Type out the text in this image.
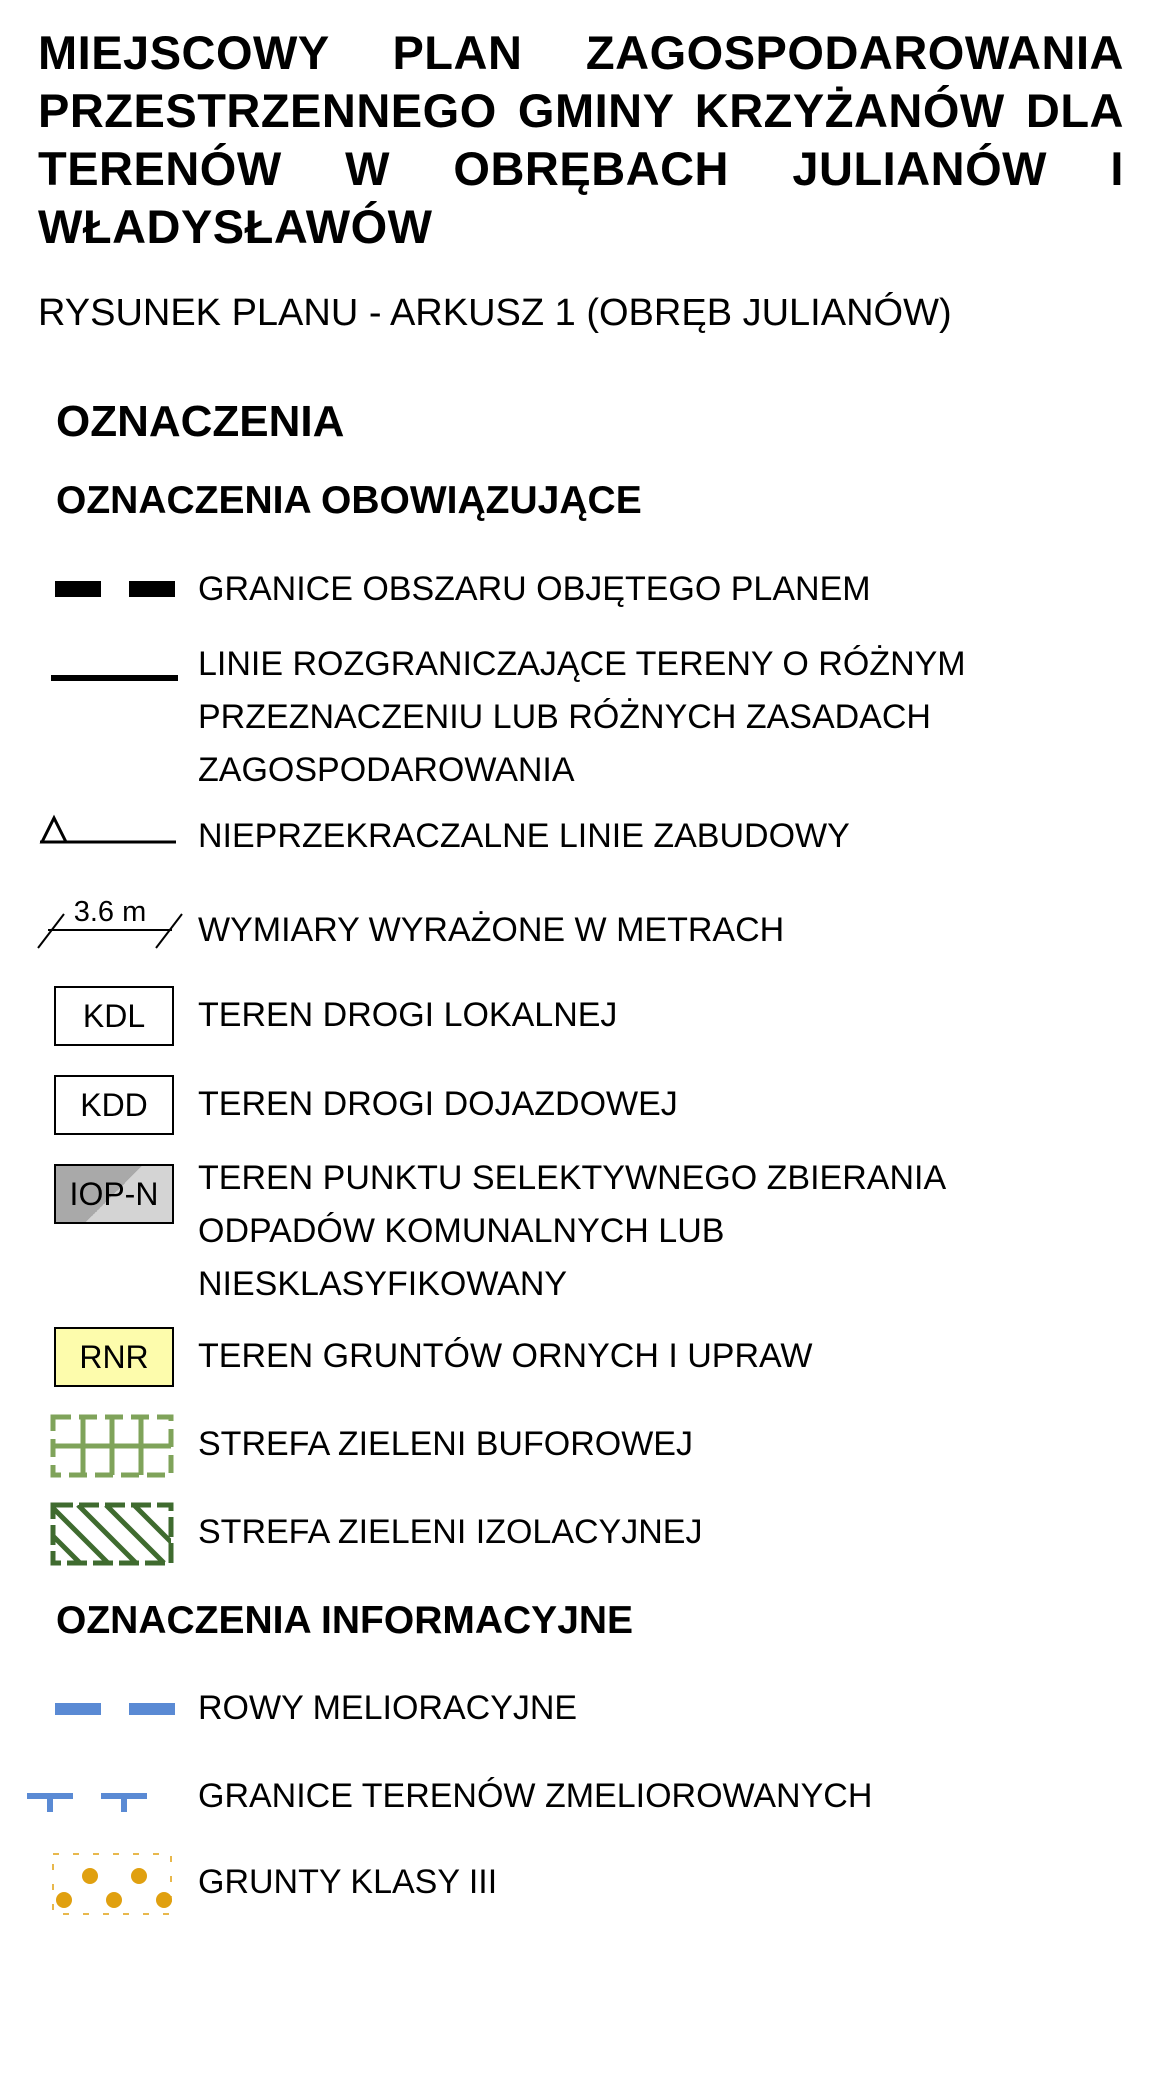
MIEJSCOWY PLAN ZAGOSPODAROWANIA PRZESTRZENNEGO GMINY KRZYŻANÓW DLA TERENÓW W OBRĘBACH JULIANÓW I WŁADYSŁAWÓW
RYSUNEK PLANU - ARKUSZ 1 (OBRĘB JULIANÓW)
OZNACZENIA
OZNACZENIA OBOWIĄZUJĄCE
GRANICE OBSZARU OBJĘTEGO PLANEM
LINIE ROZGRANICZAJĄCE TERENY O RÓŻNYM
PRZEZNACZENIU LUB RÓŻNYCH ZASADACH
ZAGOSPODAROWANIA
NIEPRZEKRACZALNE LINIE ZABUDOWY
3.6 m WYMIARY WYRAŻONE W METRACH
KDL	TEREN DROGI LOKALNEJ
KDD	TEREN DROGI DOJAZDOWEJ
IOP-N	TEREN PUNKTU SELEKTYWNEGO ZBIERANIA
ODPADÓW KOMUNALNYCH LUB
NIESKLASYFIKOWANY
RNR	TEREN GRUNTÓW ORNYCH I UPRAW
STREFA ZIELENI BUFOROWEJ
STREFA ZIELENI IZOLACYJNEJ
OZNACZENIA INFORMACYJNE
ROWY MELIORACYJNE
GRANICE TERENÓW ZMELIOROWANYCH
GRUNTY KLASY III
